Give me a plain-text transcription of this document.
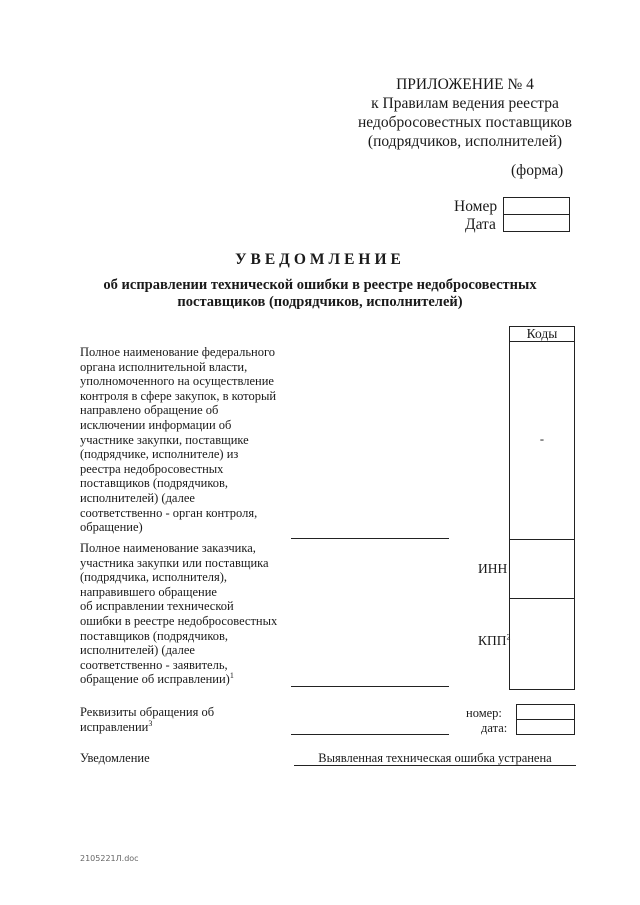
ПРИЛОЖЕНИЕ № 4
к Правилам ведения реестра
недобросовестных поставщиков
(подрядчиков, исполнителей)
(форма)
Номер
Дата
УВЕДОМЛЕНИЕ
об исправлении технической ошибки в реестре недобросовестных
поставщиков (подрядчиков, исполнителей)
Коды
-
Полное наименование федерального
органа исполнительной власти,
уполномоченного на осуществление
контроля в сфере закупок, в который
направлено обращение об
исключении информации об
участнике закупки, поставщике
(подрядчике, исполнителе) из
реестра недобросовестных
поставщиков (подрядчиков,
исполнителей) (далее
соответственно - орган контроля,
обращение)
Полное наименование заказчика,
участника закупки или поставщика
(подрядчика, исполнителя),
направившего обращение
об исправлении технической
ошибки в реестре недобросовестных
поставщиков (подрядчиков,
исполнителей) (далее
соответственно - заявитель,
обращение об исправлении)$^1$
ИНН
КПП$^2$
Реквизиты обращения об
исправлении$^3$
номер:
дата:
Уведомление	Выявленная техническая ошибка устранена
2105221Л.doc
